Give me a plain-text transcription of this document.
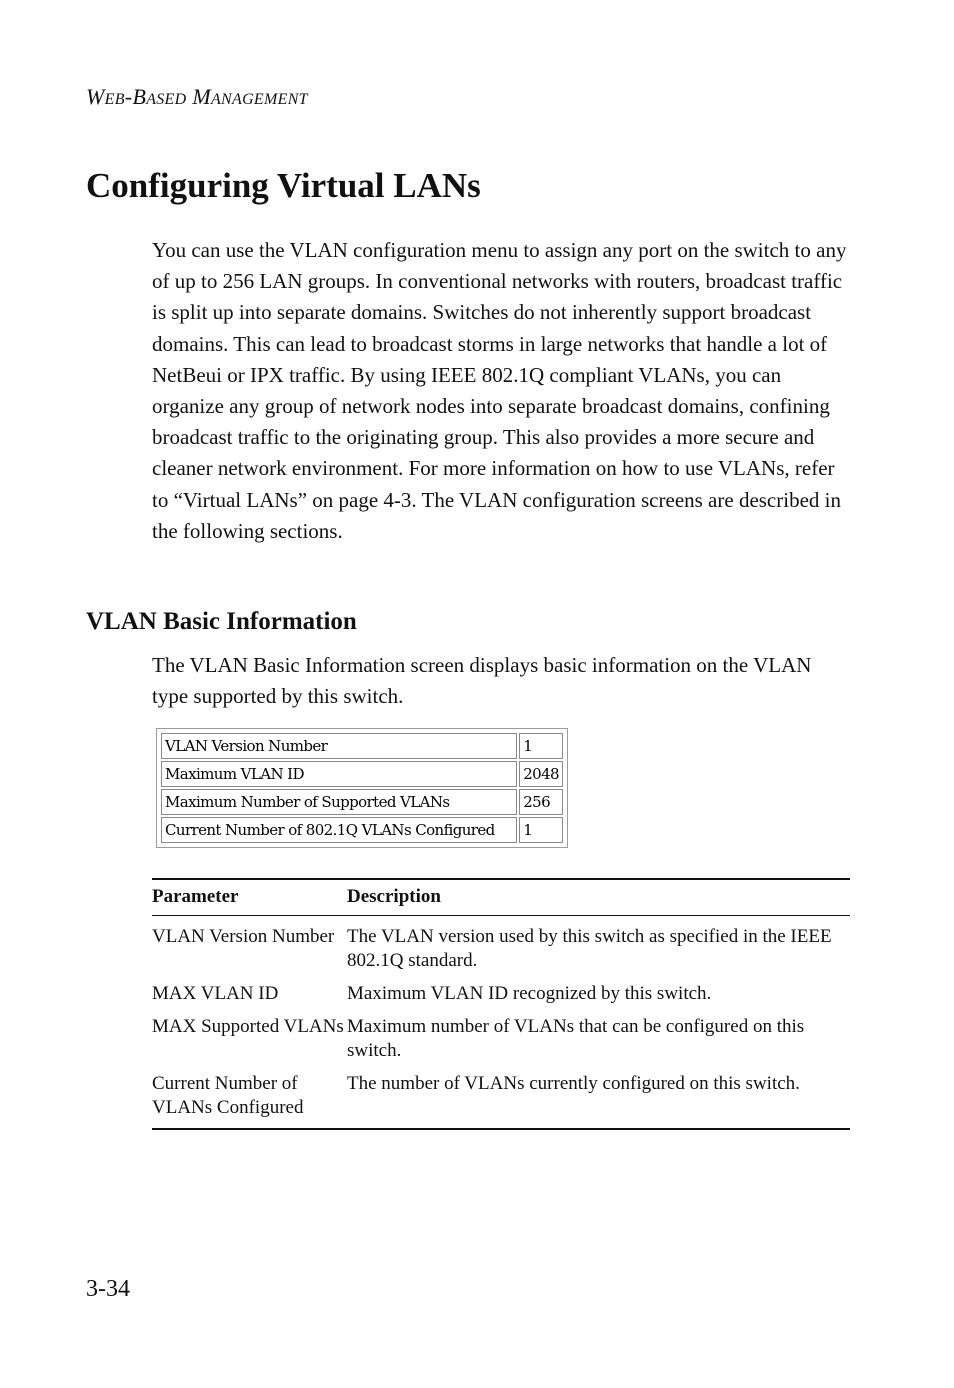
WEB-BASED MANAGEMENT
Configuring Virtual LANs

You can use the VLAN configuration menu to assign any port on the switch to any of up to 256 LAN groups. In conventional networks with routers, broadcast traffic is split up into separate domains. Switches do not inherently support broadcast domains. This can lead to broadcast storms in large networks that handle a lot of NetBeui or IPX traffic. By using IEEE 802.1Q compliant VLANs, you can organize any group of network nodes into separate broadcast domains, confining broadcast traffic to the originating group. This also provides a more secure and cleaner network environment. For more information on how to use VLANs, refer to “Virtual LANs” on page 4-3. The VLAN configuration screens are described in the following sections.

VLAN Basic Information

The VLAN Basic Information screen displays basic information on the VLAN type supported by this switch.

VLAN Version Number	1
Maximum VLAN ID	2048
Maximum Number of Supported VLANs	256
Current Number of 802.1Q VLANs Configured	1
Parameter	Description
VLAN Version Number	The VLAN version used by this switch as specified in the IEEE 802.1Q standard.
MAX VLAN ID	Maximum VLAN ID recognized by this switch.
MAX Supported VLANs	Maximum number of VLANs that can be configured on this switch.
Current Number of VLANs Configured	The number of VLANs currently configured on this switch.
3-34
